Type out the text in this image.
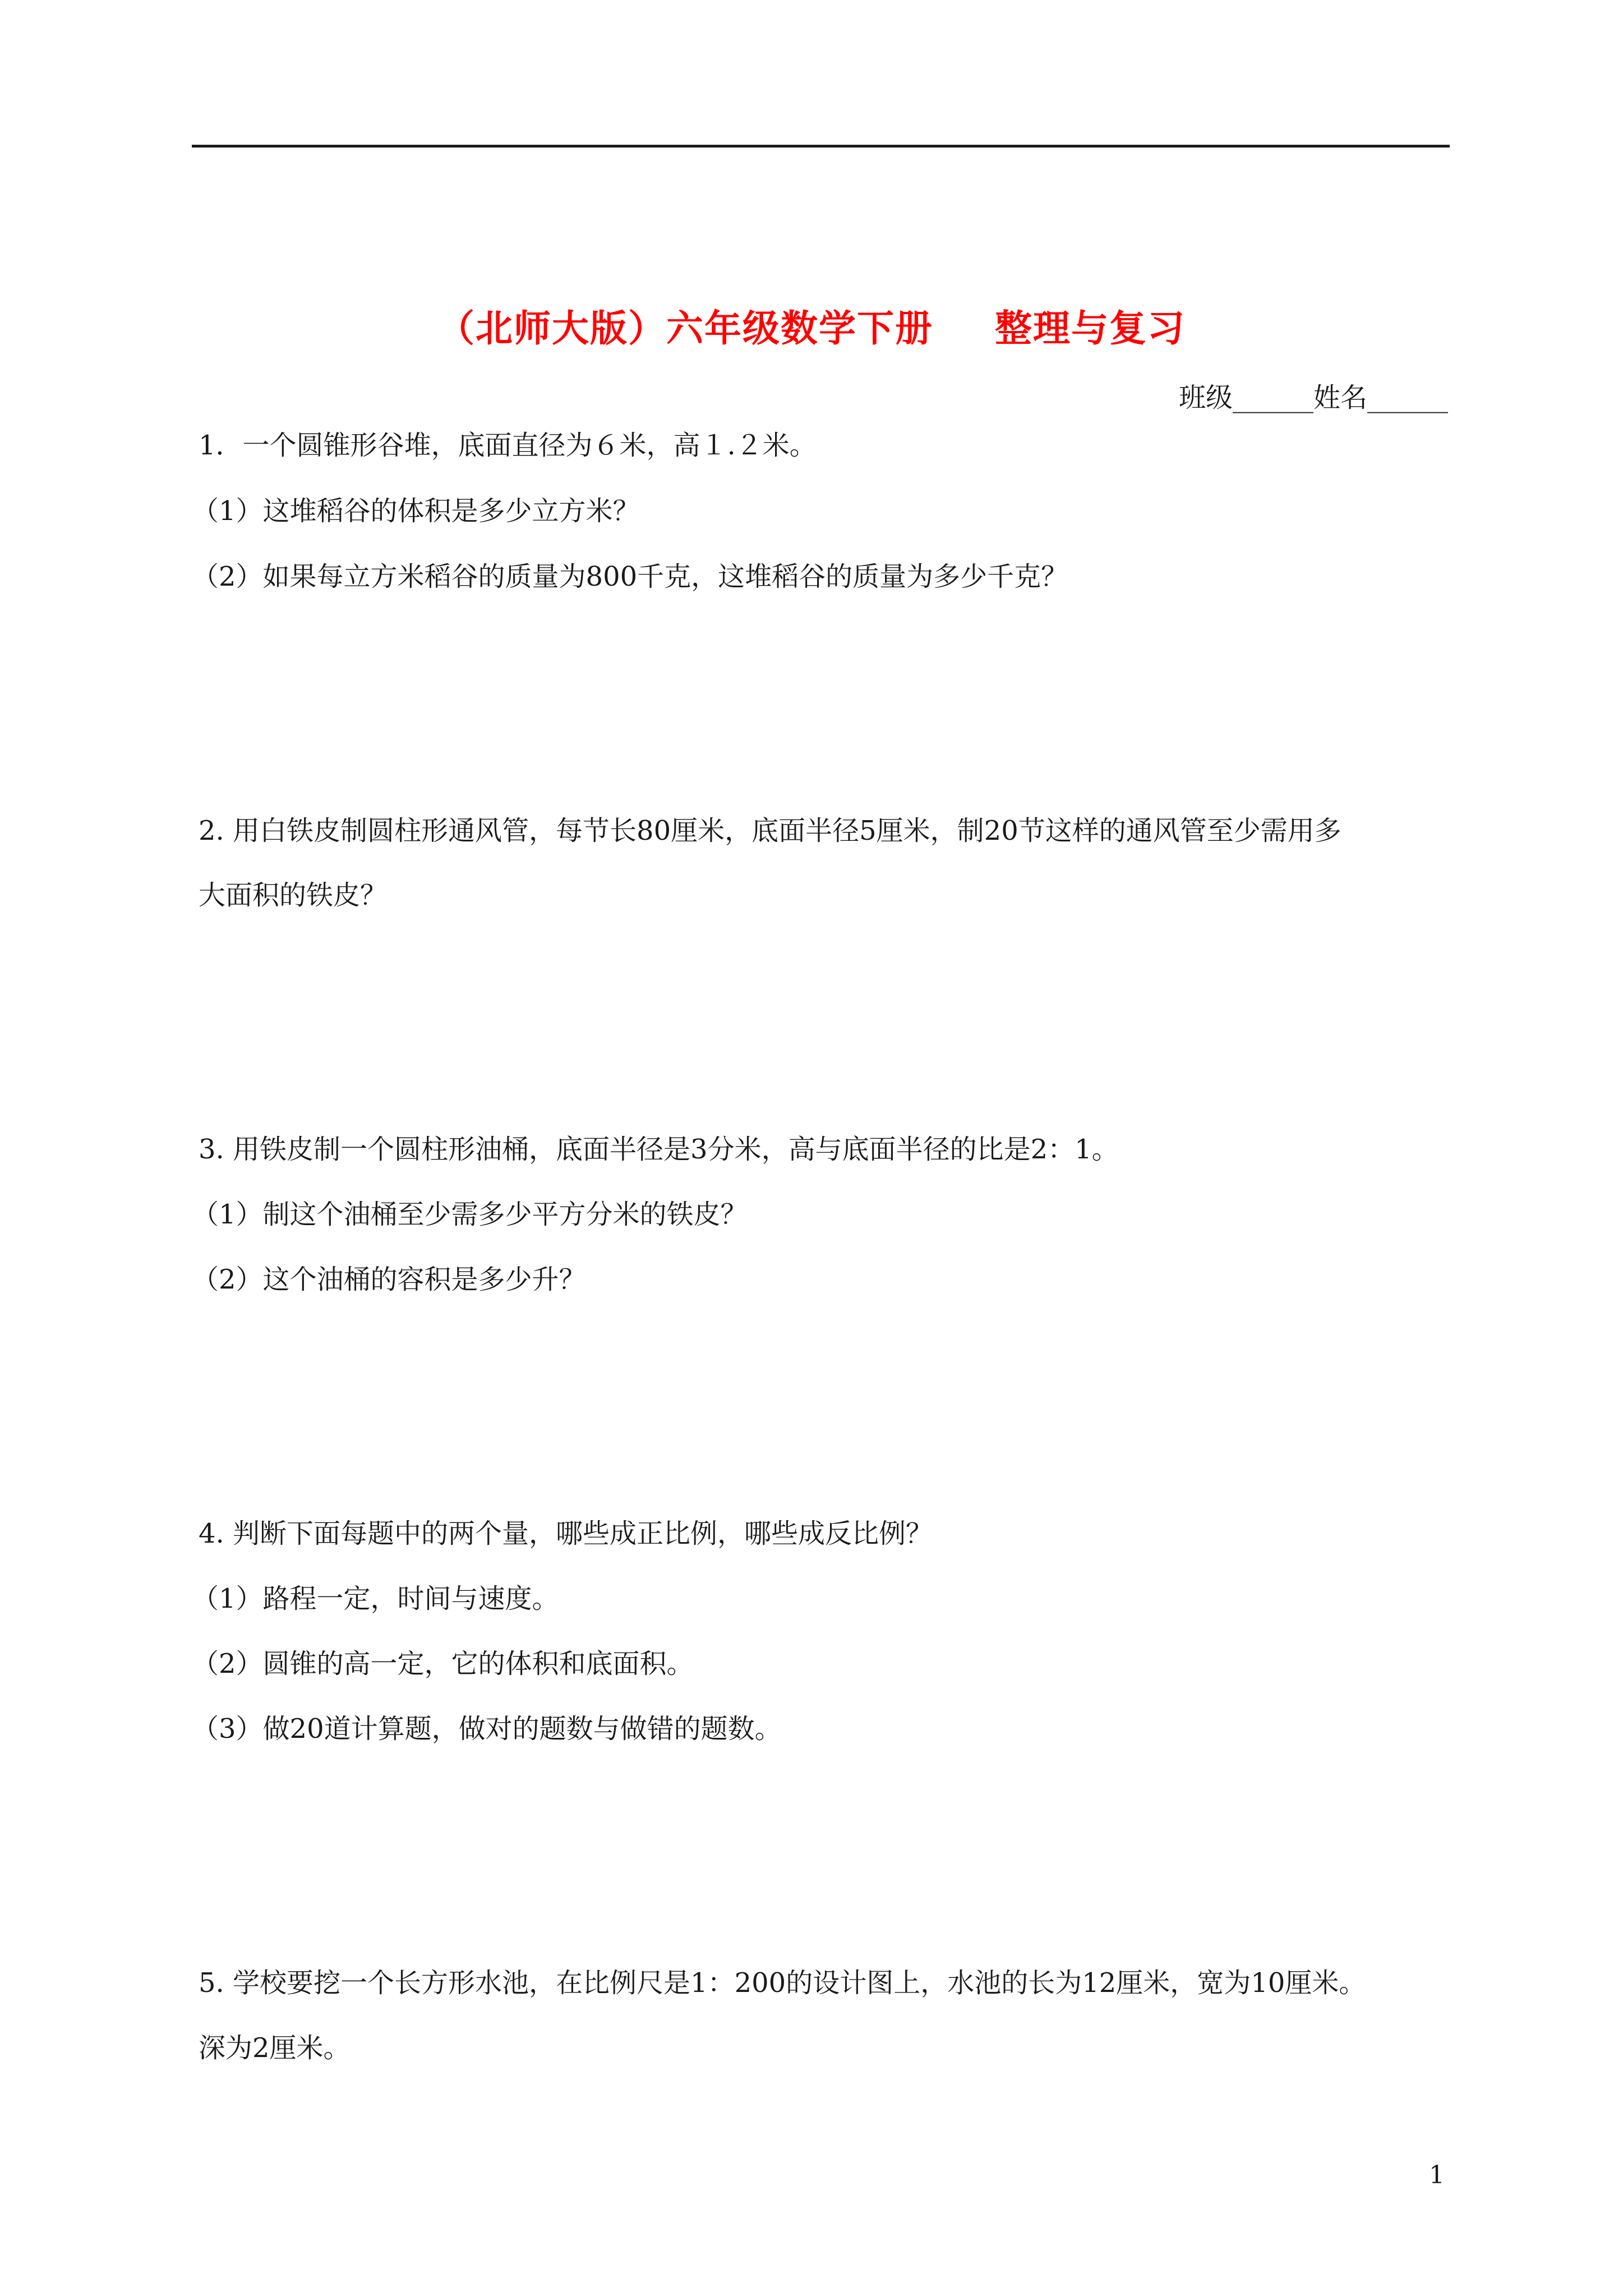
（北师大版）六年级数学下册 整理与复习
班级______姓名______
1．一个圆锥形谷堆，底面直径为６米，高１.２米。
（1）这堆稻谷的体积是多少立方米？
（2）如果每立方米稻谷的质量为800千克，这堆稻谷的质量为多少千克？
2. 用白铁皮制圆柱形通风管，每节长80厘米，底面半径5厘米，制20节这样的通风管至少需用多
大面积的铁皮？
3. 用铁皮制一个圆柱形油桶，底面半径是3分米，高与底面半径的比是2：1。
（1）制这个油桶至少需多少平方分米的铁皮？
（2）这个油桶的容积是多少升？
4. 判断下面每题中的两个量，哪些成正比例，哪些成反比例？
（1）路程一定，时间与速度。
（2）圆锥的高一定，它的体积和底面积。
（3）做20道计算题，做对的题数与做错的题数。
5. 学校要挖一个长方形水池，在比例尺是1：200的设计图上，水池的长为12厘米，宽为10厘米。
深为2厘米。
1
